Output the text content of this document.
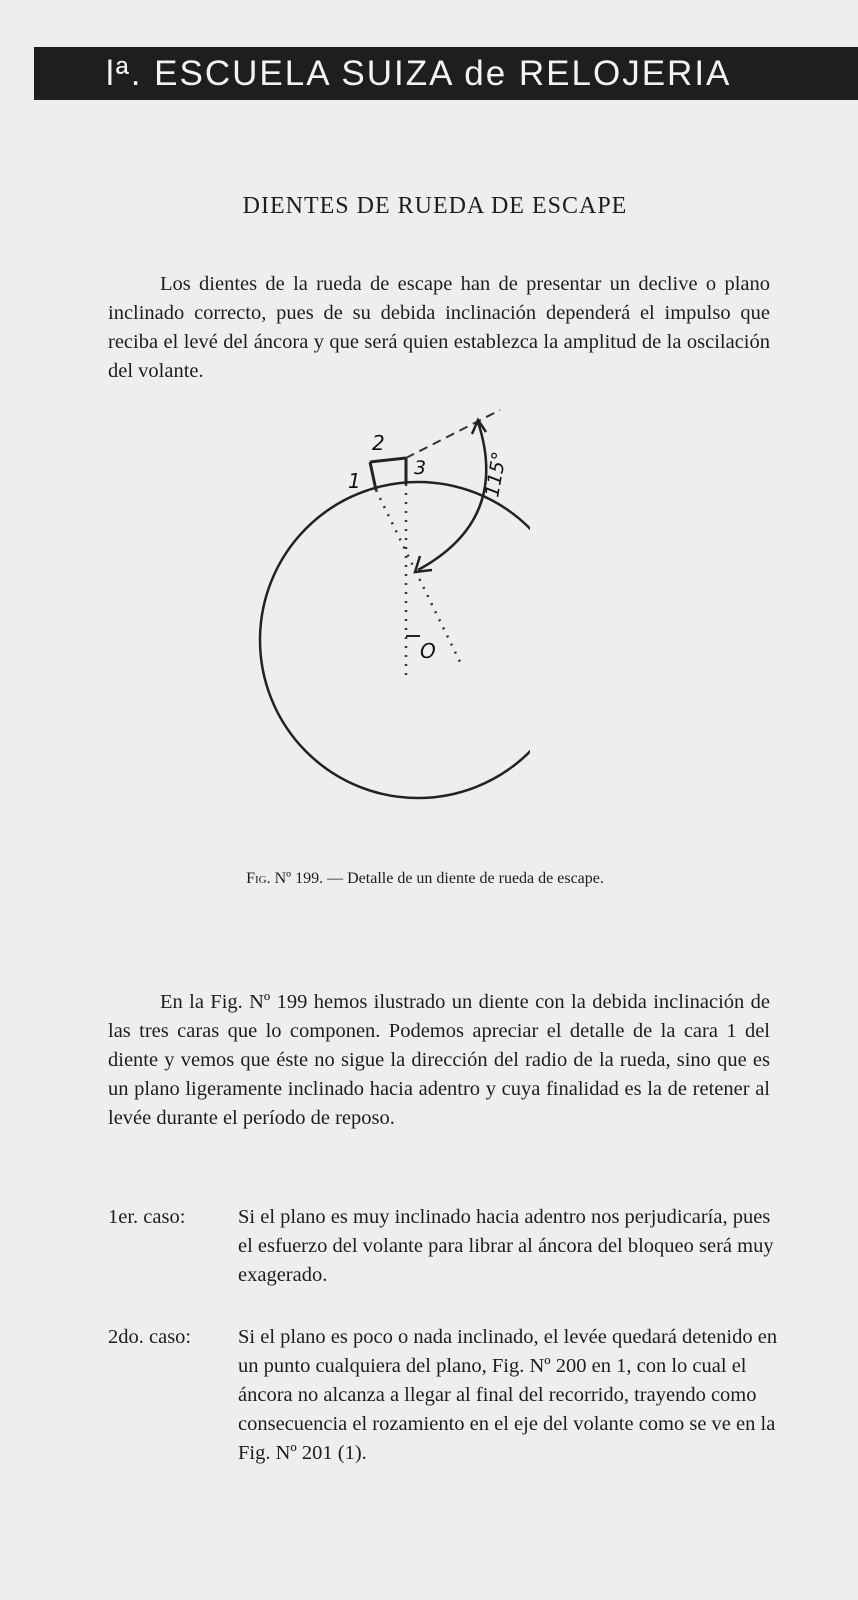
lª. ESCUELA SUIZA de RELOJERIA
DIENTES DE RUEDA DE ESCAPE

Los dientes de la rueda de escape han de presentar un declive o plano inclinado correcto, pues de su debida inclinación dependerá el impulso que reciba el levé del áncora y que será quien establezca la amplitud de la oscilación del volante.

2
1
3
O
115°
Fig. Nº 199. — Detalle de un diente de rueda de escape.

En la Fig. Nº 199 hemos ilustrado un diente con la debida inclinación de las tres caras que lo componen. Podemos apreciar el detalle de la cara 1 del diente y vemos que éste no sigue la dirección del radio de la rueda, sino que es un plano ligeramente inclinado hacia adentro y cuya finalidad es la de retener al levée durante el período de reposo.

1er. caso:	Si el plano es muy inclinado hacia adentro nos perjudicaría, pues el esfuerzo del volante para librar al áncora del bloqueo será muy exagerado.
2do. caso:	Si el plano es poco o nada inclinado, el levée quedará detenido en un punto cualquiera del plano, Fig. Nº 200 en 1, con lo cual el áncora no alcanza a llegar al final del recorrido, trayendo como consecuencia el rozamiento en el eje del volante como se ve en la Fig. Nº 201 (1).
